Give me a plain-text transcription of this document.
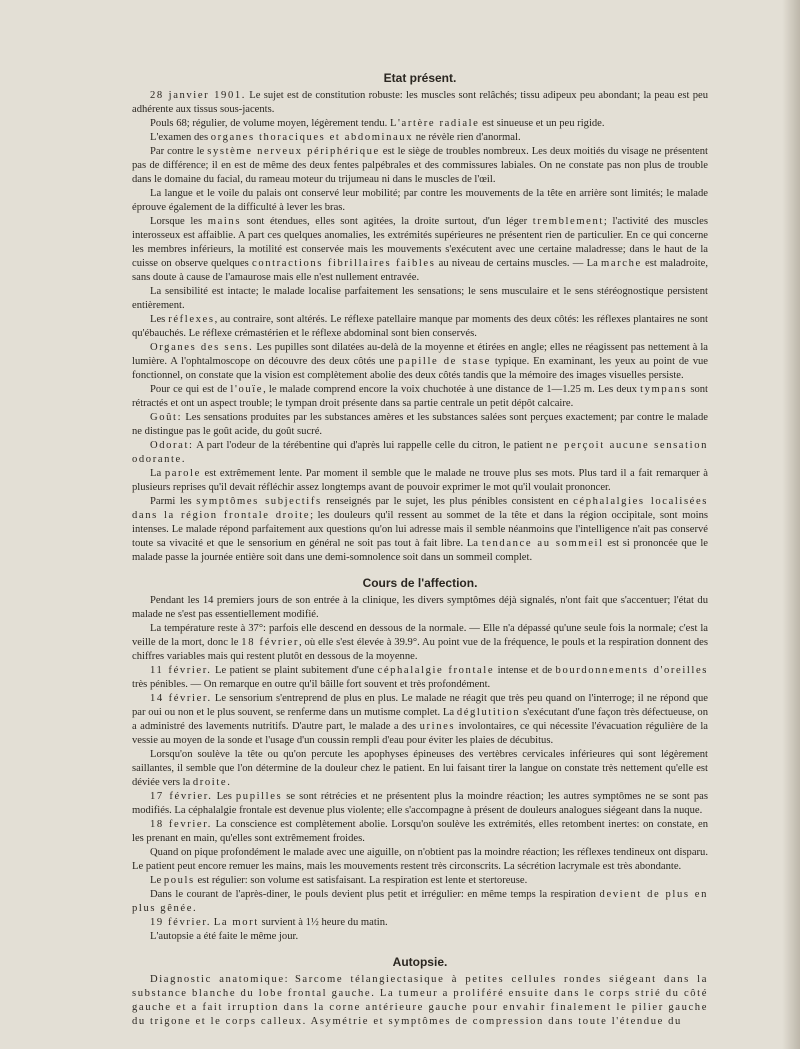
Etat présent.

28 janvier 1901. Le sujet est de constitution robuste: les muscles sont relâchés; tissu adipeux peu abondant; la peau est peu adhérente aux tissus sous-jacents.

Pouls 68; régulier, de volume moyen, légèrement tendu. L'artère radiale est sinueuse et un peu rigide.

L'examen des organes thoraciques et abdominaux ne révèle rien d'anormal.

Par contre le système nerveux périphérique est le siège de troubles nombreux. Les deux moitiés du visage ne présentent pas de différence; il en est de même des deux fentes palpébrales et des commissures labiales. On ne constate pas non plus de trouble dans le domaine du facial, du rameau moteur du trijumeau ni dans le muscles de l'œil.

La langue et le voile du palais ont conservé leur mobilité; par contre les mouvements de la tête en arrière sont limités; le malade éprouve également de la difficulté à lever les bras.

Lorsque les mains sont étendues, elles sont agitées, la droite surtout, d'un léger tremblement; l'activité des muscles interosseux est affaiblie. A part ces quelques anomalies, les extrémités supérieures ne présentent rien de particulier. En ce qui concerne les membres inférieurs, la motilité est conservée mais les mouvements s'exécutent avec une certaine maladresse; dans le haut de la cuisse on observe quelques contractions fibrillaires faibles au niveau de certains muscles. — La marche est maladroite, sans doute à cause de l'amaurose mais elle n'est nullement entravée.

La sensibilité est intacte; le malade localise parfaitement les sensations; le sens musculaire et le sens stéréognostique persistent entièrement.

Les réflexes, au contraire, sont altérés. Le réflexe patellaire manque par moments des deux côtés: les réflexes plantaires ne sont qu'ébauchés. Le réflexe crémastérien et le réflexe abdominal sont bien conservés.

Organes des sens. Les pupilles sont dilatées au-delà de la moyenne et étirées en angle; elles ne réagissent pas nettement à la lumière. A l'ophtalmoscope on découvre des deux côtés une papille de stase typique. En examinant, les yeux au point de vue fonctionnel, on constate que la vision est complètement abolie des deux côtés tandis que la mémoire des images visuelles persiste.

Pour ce qui est de l'ouïe, le malade comprend encore la voix chuchotée à une distance de 1—1.25 m. Les deux tympans sont rétractés et ont un aspect trouble; le tympan droit présente dans sa partie centrale un petit dépôt calcaire.

Goût: Les sensations produites par les substances amères et les substances salées sont perçues exactement; par contre le malade ne distingue pas le goût acide, du goût sucré.

Odorat: A part l'odeur de la térébentine qui d'après lui rappelle celle du citron, le patient ne perçoit aucune sensation odorante.

La parole est extrêmement lente. Par moment il semble que le malade ne trouve plus ses mots. Plus tard il a fait remarquer à plusieurs reprises qu'il devait réfléchir assez longtemps avant de pouvoir exprimer le mot qu'il voulait prononcer.

Parmi les symptômes subjectifs renseignés par le sujet, les plus pénibles consistent en céphalalgies localisées dans la région frontale droite; les douleurs qu'il ressent au sommet de la tête et dans la région occipitale, sont moins intenses. Le malade répond parfaitement aux questions qu'on lui adresse mais il semble néanmoins que l'intelligence n'ait pas conservé toute sa vivacité et que le sensorium en général ne soit pas tout à fait libre. La tendance au sommeil est si prononcée que le malade passe la journée entière soit dans une demi-somnolence soit dans un sommeil complet.

Cours de l'affection.

Pendant les 14 premiers jours de son entrée à la clinique, les divers symptômes déjà signalés, n'ont fait que s'accentuer; l'état du malade ne s'est pas essentiellement modifié.

La température reste à 37°: parfois elle descend en dessous de la normale. — Elle n'a dépassé qu'une seule fois la normale; c'est la veille de la mort, donc le 18 février, où elle s'est élevée à 39.9°. Au point vue de la fréquence, le pouls et la respiration donnent des chiffres variables mais qui restent plutôt en dessous de la moyenne.

11 février. Le patient se plaint subitement d'une céphalalgie frontale intense et de bourdonnements d'oreilles très pénibles. — On remarque en outre qu'il bâille fort souvent et très profondément.

14 février. Le sensorium s'entreprend de plus en plus. Le malade ne réagit que très peu quand on l'interroge; il ne répond que par oui ou non et le plus souvent, se renferme dans un mutisme complet. La déglutition s'exécutant d'une façon très défectueuse, on a administré des lavements nutritifs. D'autre part, le malade a des urines involontaires, ce qui nécessite l'évacuation régulière de la vessie au moyen de la sonde et l'usage d'un coussin rempli d'eau pour éviter les plaies de décubitus.

Lorsqu'on soulève la tête ou qu'on percute les apophyses épineuses des vertèbres cervicales inférieures qui sont légèrement saillantes, il semble que l'on détermine de la douleur chez le patient. En lui faisant tirer la langue on constate très nettement qu'elle est déviée vers la droite.

17 février. Les pupilles se sont rétrécies et ne présentent plus la moindre réaction; les autres symptômes ne se sont pas modifiés. La céphalalgie frontale est devenue plus violente; elle s'accompagne à présent de douleurs analogues siégeant dans la nuque.

18 fevrier. La conscience est complètement abolie. Lorsqu'on soulève les extrémités, elles retombent inertes: on constate, en les prenant en main, qu'elles sont extrêmement froides.

Quand on pique profondément le malade avec une aiguille, on n'obtient pas la moindre réaction; les réflexes tendineux ont disparu. Le patient peut encore remuer les mains, mais les mouvements restent très circonscrits. La sécrétion lacrymale est très abondante.

Le pouls est régulier: son volume est satisfaisant. La respiration est lente et stertoreuse.

Dans le courant de l'après-diner, le pouls devient plus petit et irrégulier: en même temps la respiration devient de plus en plus gênée.

19 février. La mort survient à 1½ heure du matin.

L'autopsie a été faite le même jour.

Autopsie.

Diagnostic anatomique: Sarcome télangiectasique à petites cellules rondes siégeant dans la substance blanche du lobe frontal gauche. La tumeur a proliféré ensuite dans le corps strié du côté gauche et a fait irruption dans la corne antérieure gauche pour envahir finalement le pilier gauche du trigone et le corps calleux. Asymétrie et symptômes de compression dans toute l'étendue du
